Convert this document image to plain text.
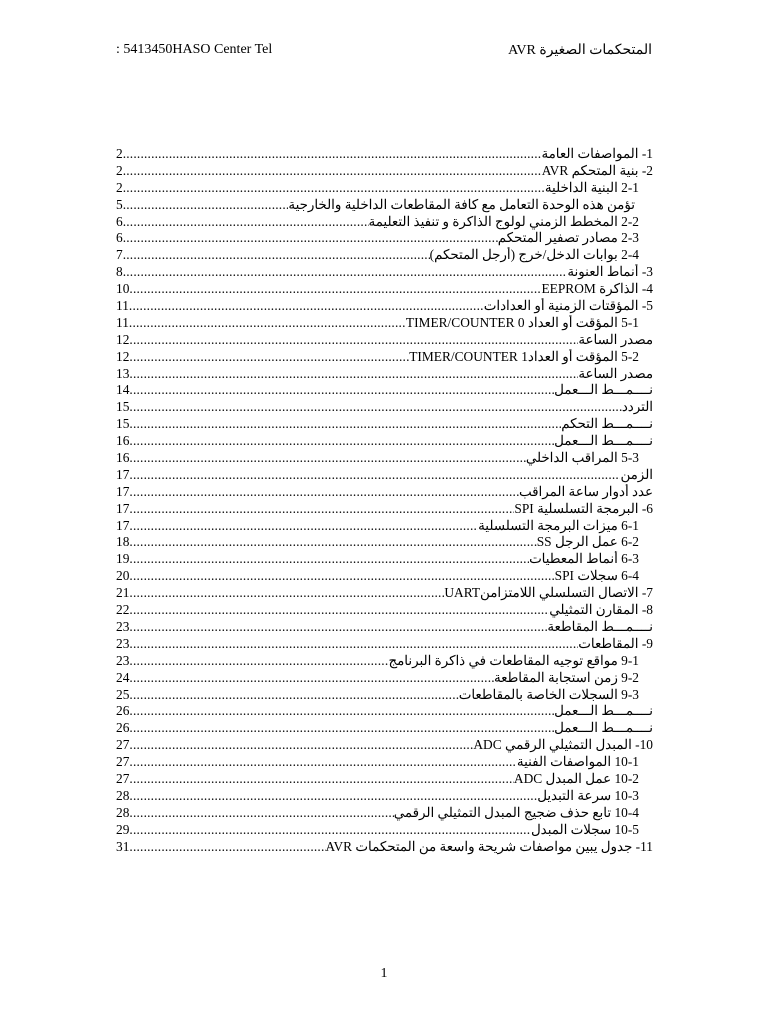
: 5413450HASO Center Tel	المتحكمات الصغيرة AVR
1- المواصفات العامة
.....
2
2- بنية المتحكم AVR
.....
2
2-1 البنية الداخلية
.....
2
تؤمن هذه الوحدة التعامل مع كافة المقاطعات الداخلية والخارجية
.....
5
2-2 المخطط الزمني لولوج الذاكرة و تنفيذ التعليمة
.....
6
2-3 مصادر تصفير المتحكم
.....
6
2-4 بوابات الدخل/خرج (أرجل المتحكم)
.....
7
3- أنماط العنونة
.....
8
4- الذاكرة EEPROM
.....
10
5- المؤقتات الزمنية أو العدادات
.....
11
5-1 المؤقت أو العداد 0 TIMER/COUNTER
.....
11
مصدر الساعة
.....
12
5-2 المؤقت أو العداد1 TIMER/COUNTER
.....
12
مصدر الساعة
.....
13
نــــمـــط الـــعمل
.....
14
التردد
.....
15
نــــمـــط التحكم
.....
15
نــــمـــط الـــعمل
.....
16
5-3 المراقب الداخلي
.....
16
الزمن
.....
17
عدد أدوار ساعة المراقب
.....
17
6- البرمجة التسلسلية SPI
.....
17
6-1 ميزات البرمجة التسلسلية
.....
17
6-2 عمل الرجل SS
.....
18
6-3 أنماط المعطيات
.....
19
6-4 سجلات SPI
.....
20
7- الاتصال التسلسلي اللامتزامنUART
.....
21
8- المقارن التمثيلي
.....
22
نــــمـــط المقاطعة
.....
23
9- المقاطعات
.....
23
9-1 مواقع توجيه المقاطعات في ذاكرة البرنامج
.....
23
9-2 زمن استجابة المقاطعة
.....
24
9-3 السجلات الخاصة بالمقاطعات
.....
25
نــــمـــط الـــعمل
.....
26
نــــمـــط الـــعمل
.....
26
10- المبدل التمثيلي الرقمي ADC
.....
27
10-1 المواصفات الفنية
.....
27
10-2 عمل المبدل ADC
.....
27
10-3 سرعة التبديل
.....
28
10-4 تابع حذف ضجيج المبدل التمثيلي الرقمي
.....
28
10-5 سجلات المبدل
.....
29
11- جدول يبين مواصفات شريحة واسعة من المتحكمات AVR
.....
31
1
